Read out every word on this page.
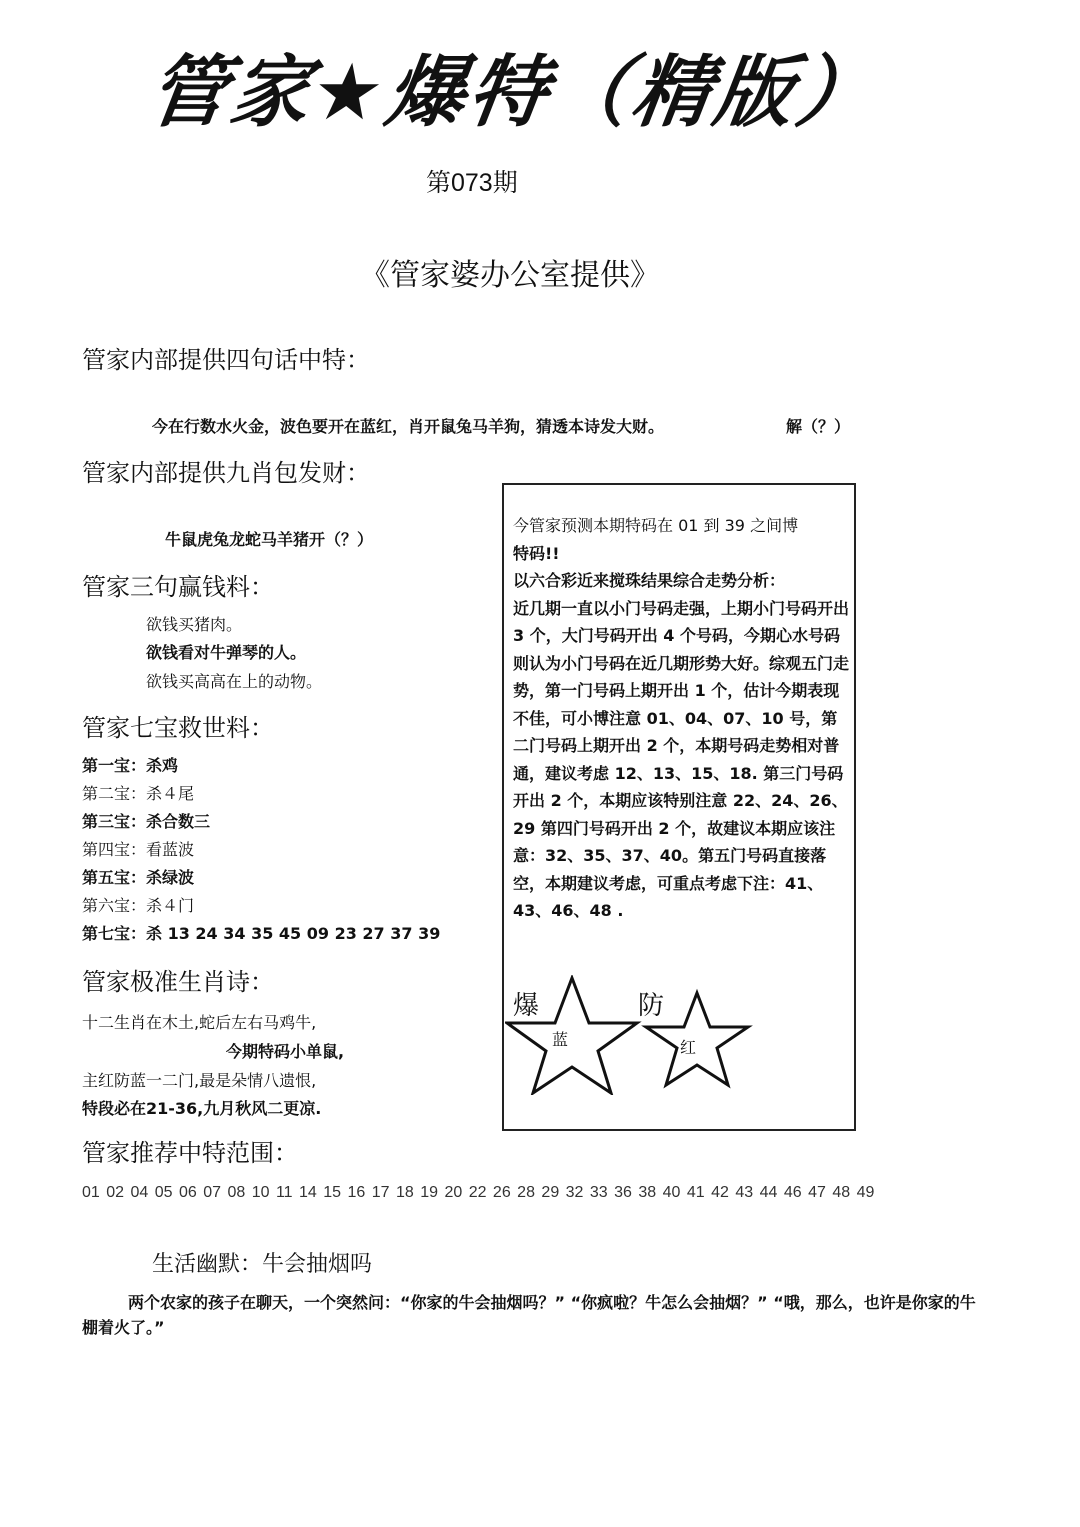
管家★爆特（精版）
第073期
《管家婆办公室提供》
管家内部提供四句话中特：
今在行数水火金，波色要开在蓝红，肖开鼠兔马羊狗，猜透本诗发大财。	解（？）
管家内部提供九肖包发财：
牛鼠虎兔龙蛇马羊猪开（？）
管家三句赢钱料：
欲钱买猪肉。
欲钱看对牛弹琴的人。
欲钱买高高在上的动物。
管家七宝救世料：
第一宝：杀鸡
第二宝：杀４尾
第三宝：杀合数三
第四宝：看蓝波
第五宝：杀绿波
第六宝：杀４门
第七宝：杀 13 24 34 35 45 09 23 27 37 39
管家极准生肖诗：
十二生肖在木土,蛇后左右马鸡牛,
今期特码小单鼠,
主红防蓝一二门,最是朵情八遗恨,
特段必在21-36,九月秋风二更凉.
管家推荐中特范围：
01 02 04 05 06 07 08 10 11 14 15 16 17 18 19 20 22 26 28 29 32 33 36 38 40 41 42 43 44 46 47 48 49

今管家预测本期特码在 01 到 39 之间博

特码!!

以六合彩近来搅珠结果综合走势分析：

近几期一直以小门号码走强，上期小门号码开出 3 个，大门号码开出 4 个号码，今期心水号码则认为小门号码在近几期形势大好。综观五门走势，第一门号码上期开出 1 个，估计今期表现不佳，可小博注意 01、04、07、10 号，第二门号码上期开出 2 个，本期号码走势相对普通，建议考虑 12、13、15、18. 第三门号码开出 2 个，本期应该特别注意 22、24、26、29 第四门号码开出 2 个，故建议本期应该注意：32、35、37、40。第五门号码直接落空，本期建议考虑，可重点考虑下注：41、43、46、48 .

爆
蓝
防
红
生活幽默：牛会抽烟吗
两个农家的孩子在聊天，一个突然问：“你家的牛会抽烟吗？” “你疯啦？牛怎么会抽烟？” “哦，那么，也许是你家的牛棚着火了。”
